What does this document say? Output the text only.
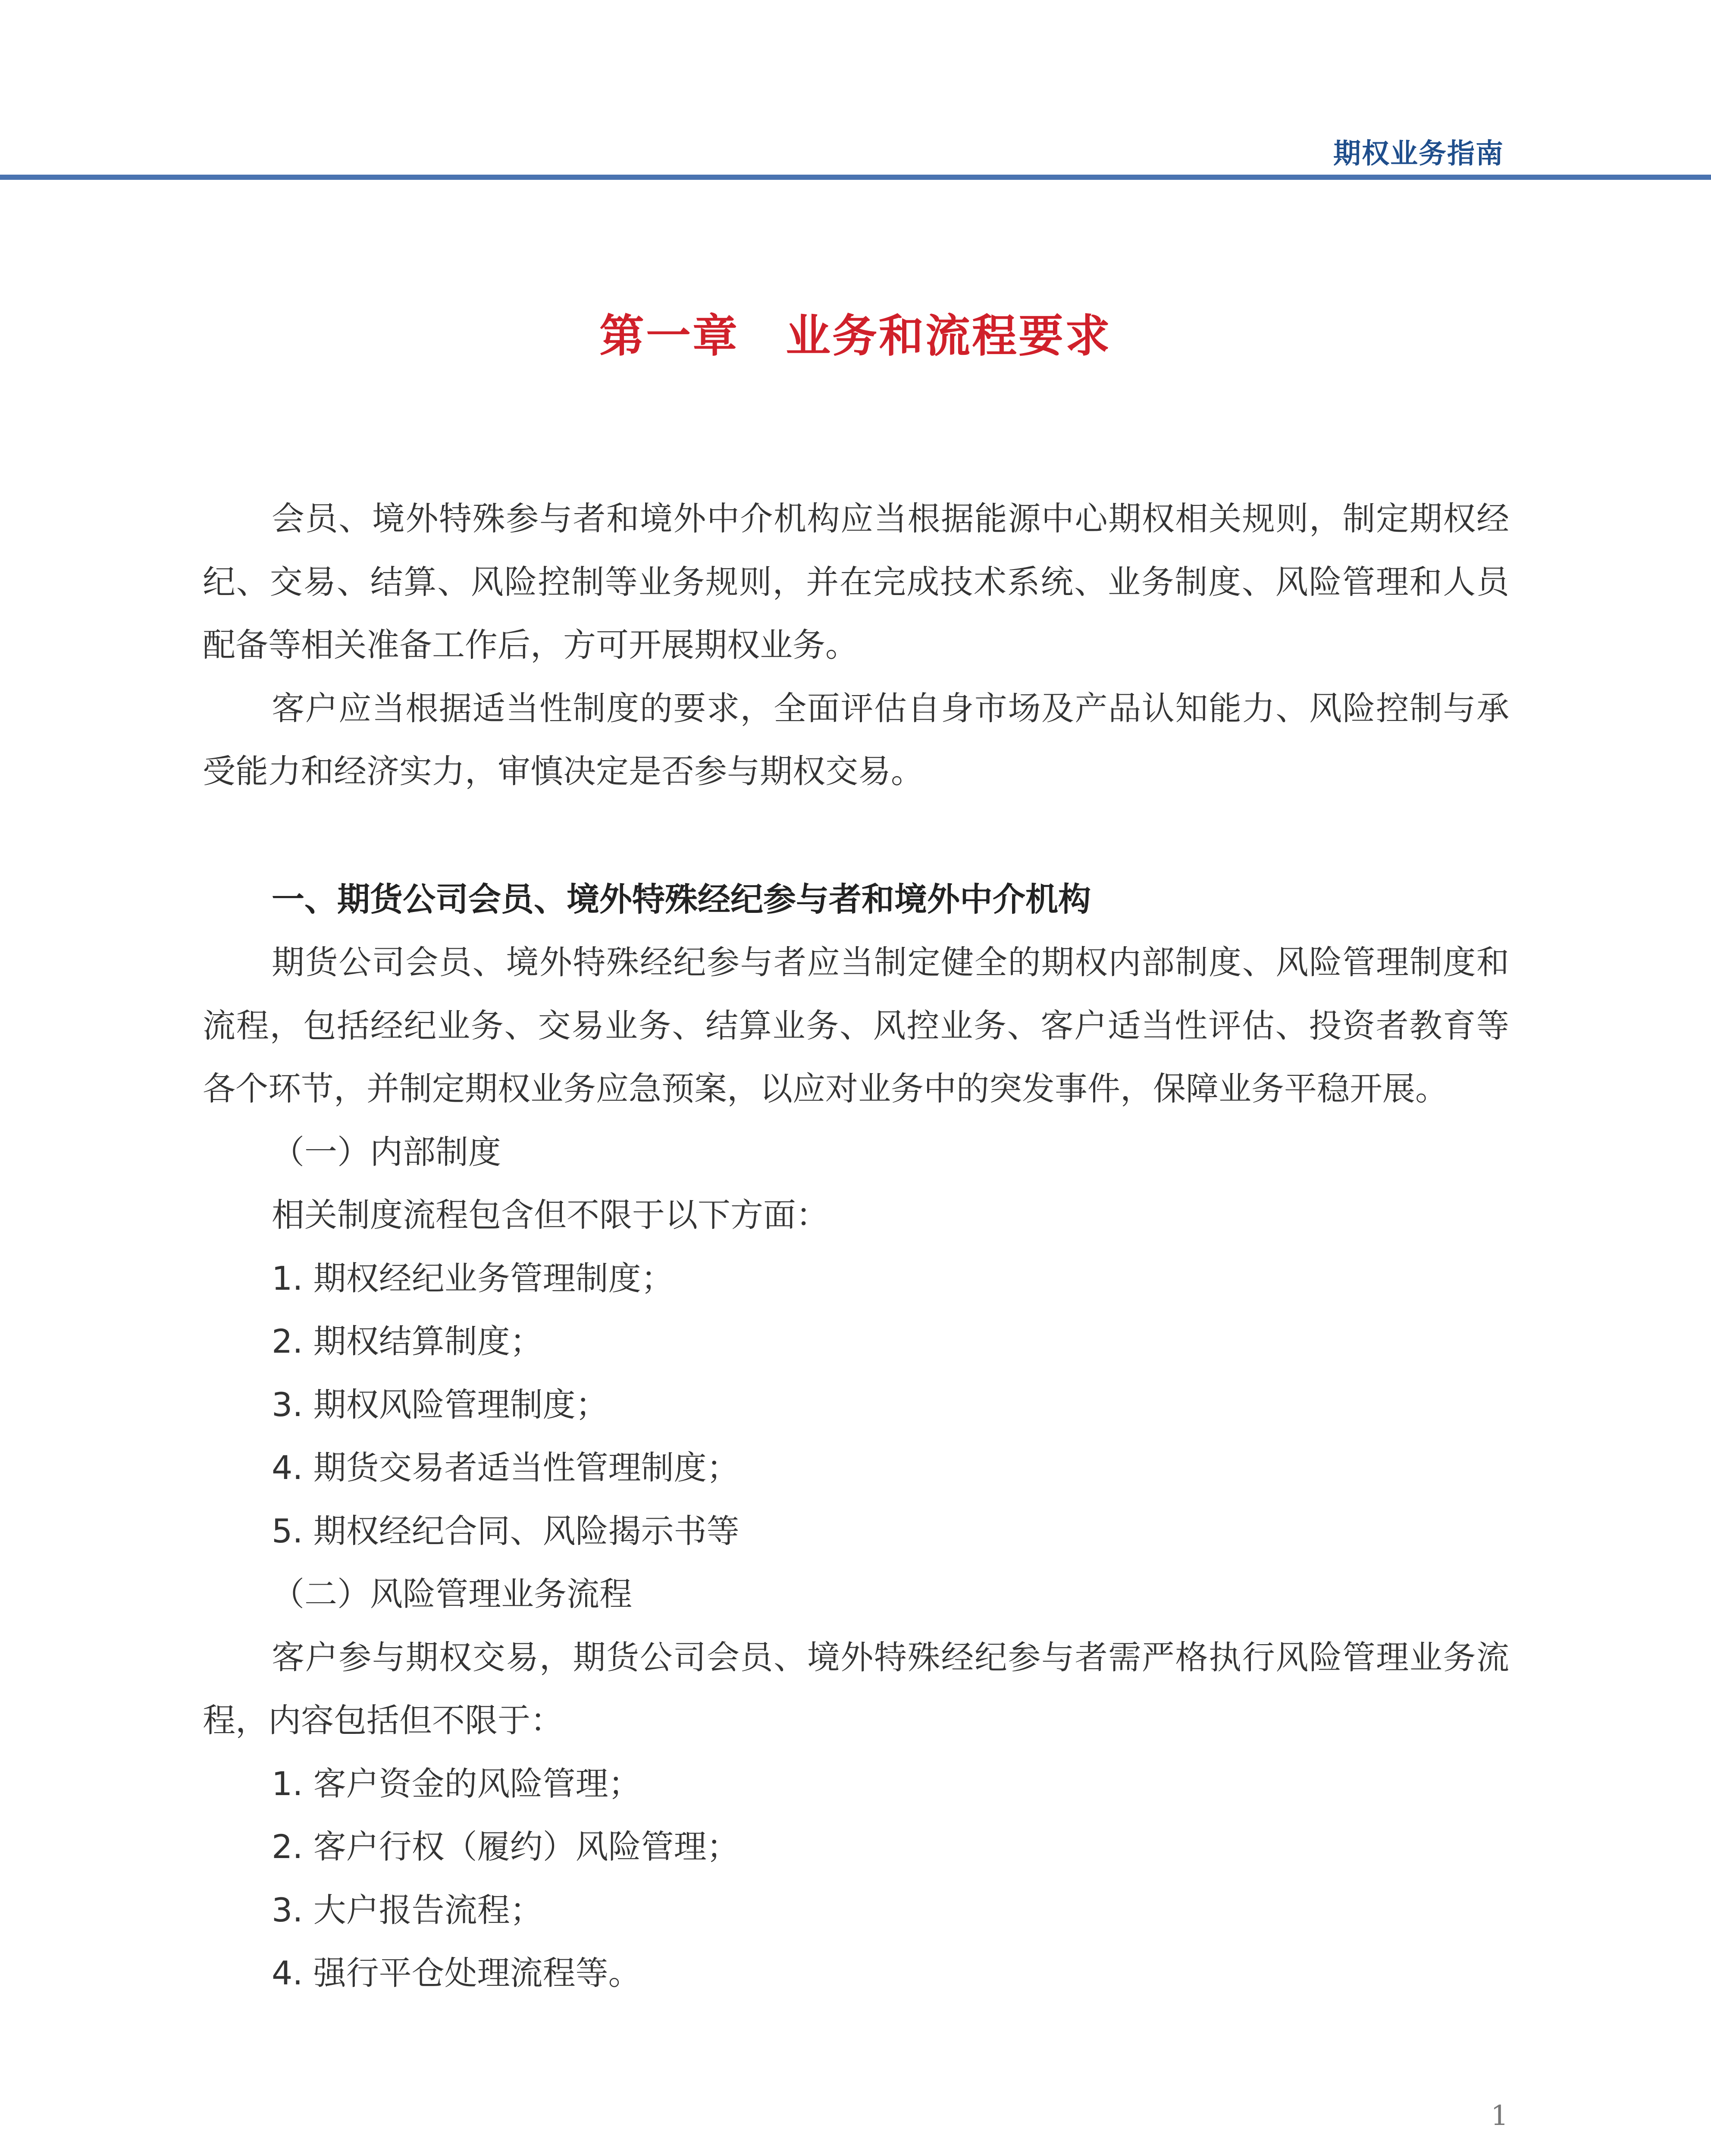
期权业务指南
第一章　业务和流程要求

会员、境外特殊参与者和境外中介机构应当根据能源中心期权相关规则，制定期权经纪、交易、结算、风险控制等业务规则，并在完成技术系统、业务制度、风险管理和人员配备等相关准备工作后，方可开展期权业务。

客户应当根据适当性制度的要求，全面评估自身市场及产品认知能力、风险控制与承受能力和经济实力，审慎决定是否参与期权交易。

一、期货公司会员、境外特殊经纪参与者和境外中介机构

期货公司会员、境外特殊经纪参与者应当制定健全的期权内部制度、风险管理制度和流程，包括经纪业务、交易业务、结算业务、风控业务、客户适当性评估、投资者教育等各个环节，并制定期权业务应急预案，以应对业务中的突发事件，保障业务平稳开展。

（一）内部制度

相关制度流程包含但不限于以下方面：

1. 期权经纪业务管理制度；

2. 期权结算制度；

3. 期权风险管理制度；

4. 期货交易者适当性管理制度；

5. 期权经纪合同、风险揭示书等

（二）风险管理业务流程

客户参与期权交易，期货公司会员、境外特殊经纪参与者需严格执行风险管理业务流程，内容包括但不限于：

1. 客户资金的风险管理；

2. 客户行权（履约）风险管理；

3. 大户报告流程；

4. 强行平仓处理流程等。

1
